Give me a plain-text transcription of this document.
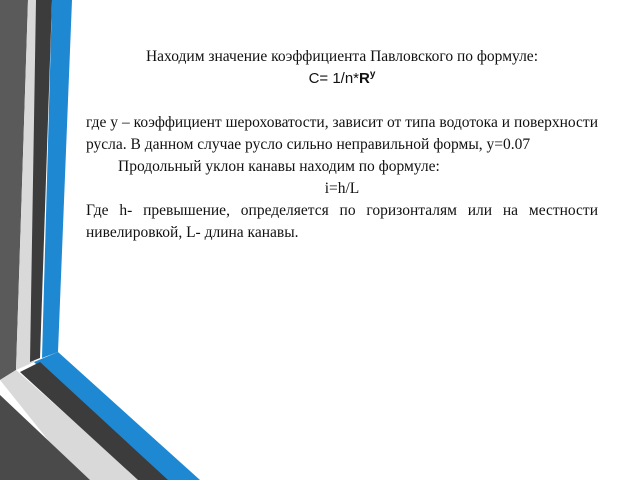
Находим значение коэффициента Павловского по формуле:

$C= 1/n*R^y$

где y – коэффициент шероховатости, зависит от типа водотока и поверхности русла. В данном случае русло сильно неправильной формы, y=0.07

Продольный уклон канавы находим по формуле:

i=h/L

Где h- превышение, определяется по горизонталям или на местности нивелировкой, L- длина канавы.
